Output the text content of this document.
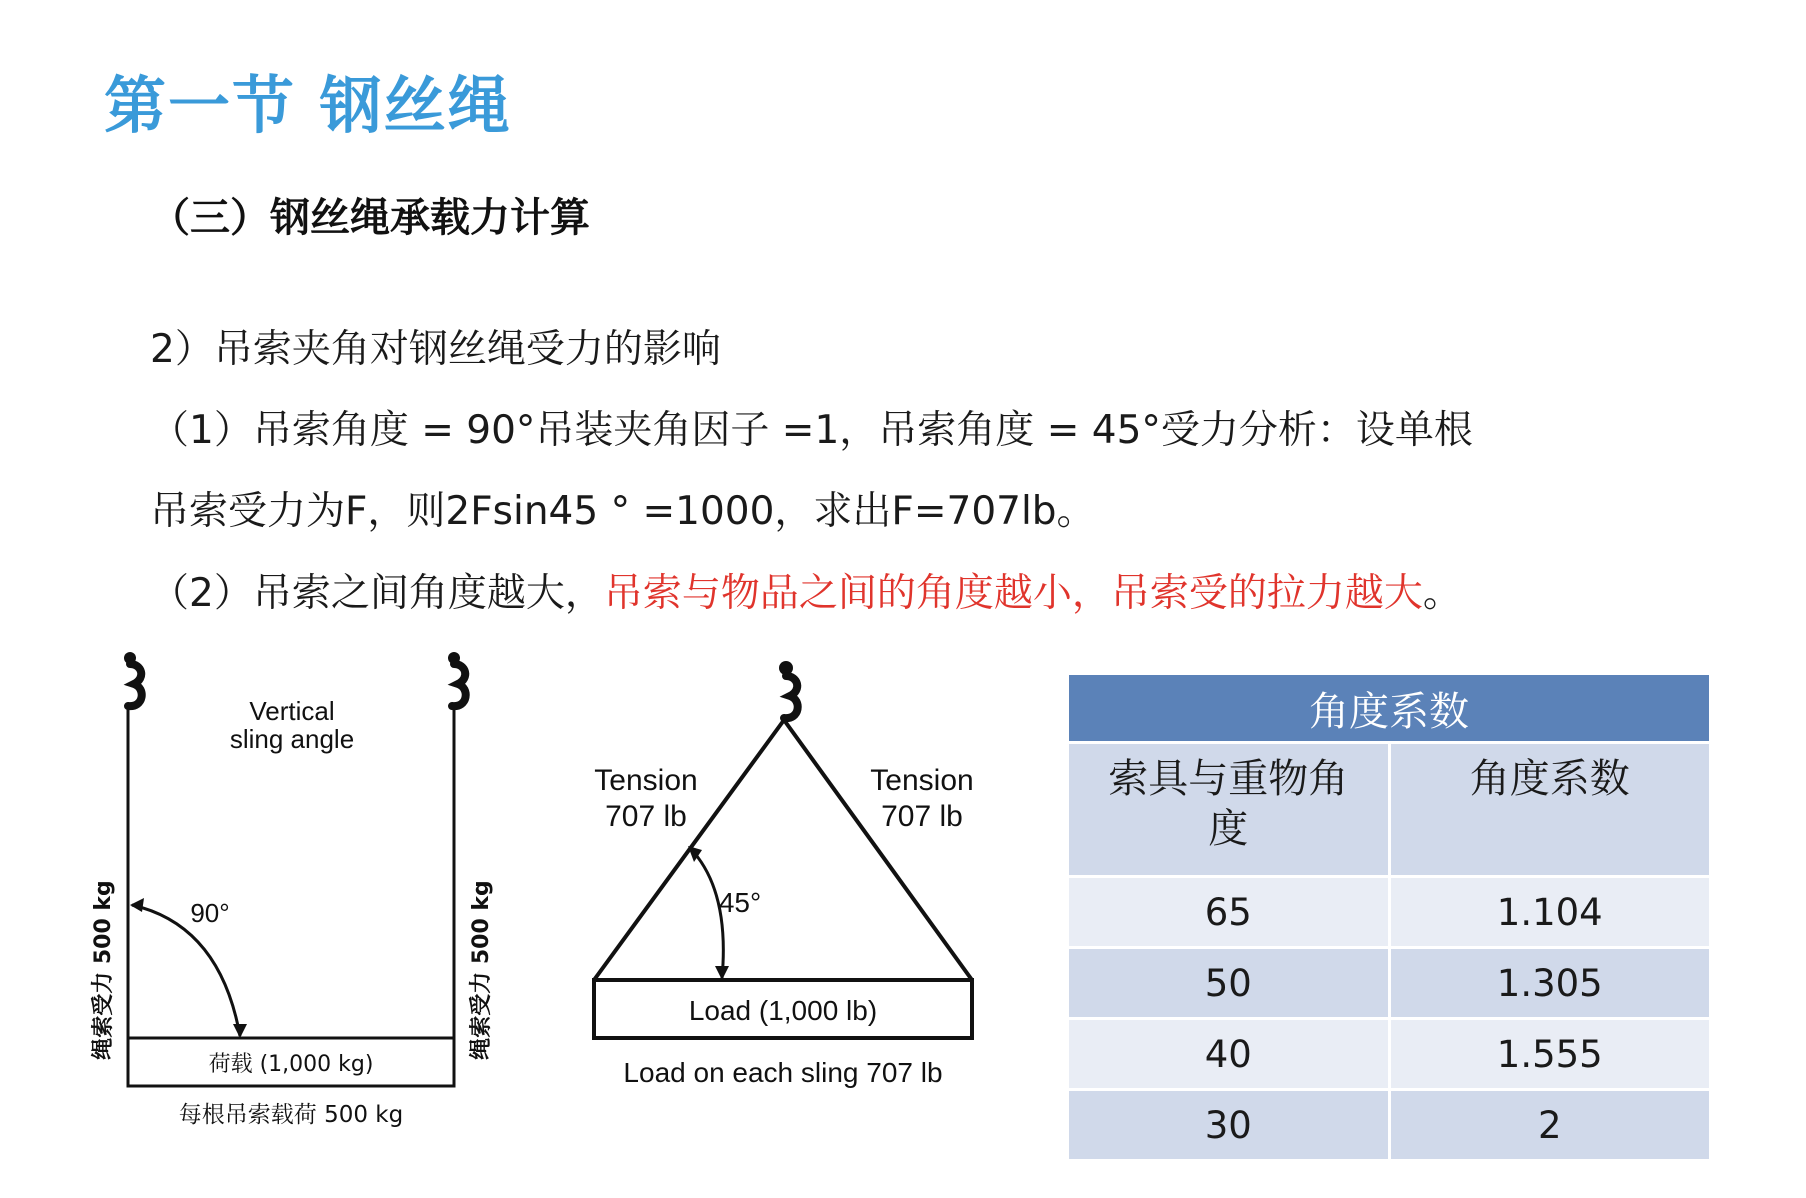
第一节 钢丝绳
（三）钢丝绳承载力计算
2）吊索夹角对钢丝绳受力的影响
（1）吊索角度 = 90°吊装夹角因子 =1，吊索角度 = 45°受力分析：设单根
吊索受力为F，则2Fsin45 ° =1000，求出F=707lb。
（2）吊索之间角度越大，吊索与物品之间的角度越小，吊索受的拉力越大。
Vertical
sling angle
90°
荷载 (1,000 kg)
每根吊索载荷 500 kg
绳索受力 500 kg	绳索受力 500 kg
Tension
707 lb
Tension
707 lb
45°
Load (1,000 lb)
Load on each sling 707 lb
角度系数	
索具与重物角
度	角度系数
65	1.104
50	1.305
40	1.555
30	2
